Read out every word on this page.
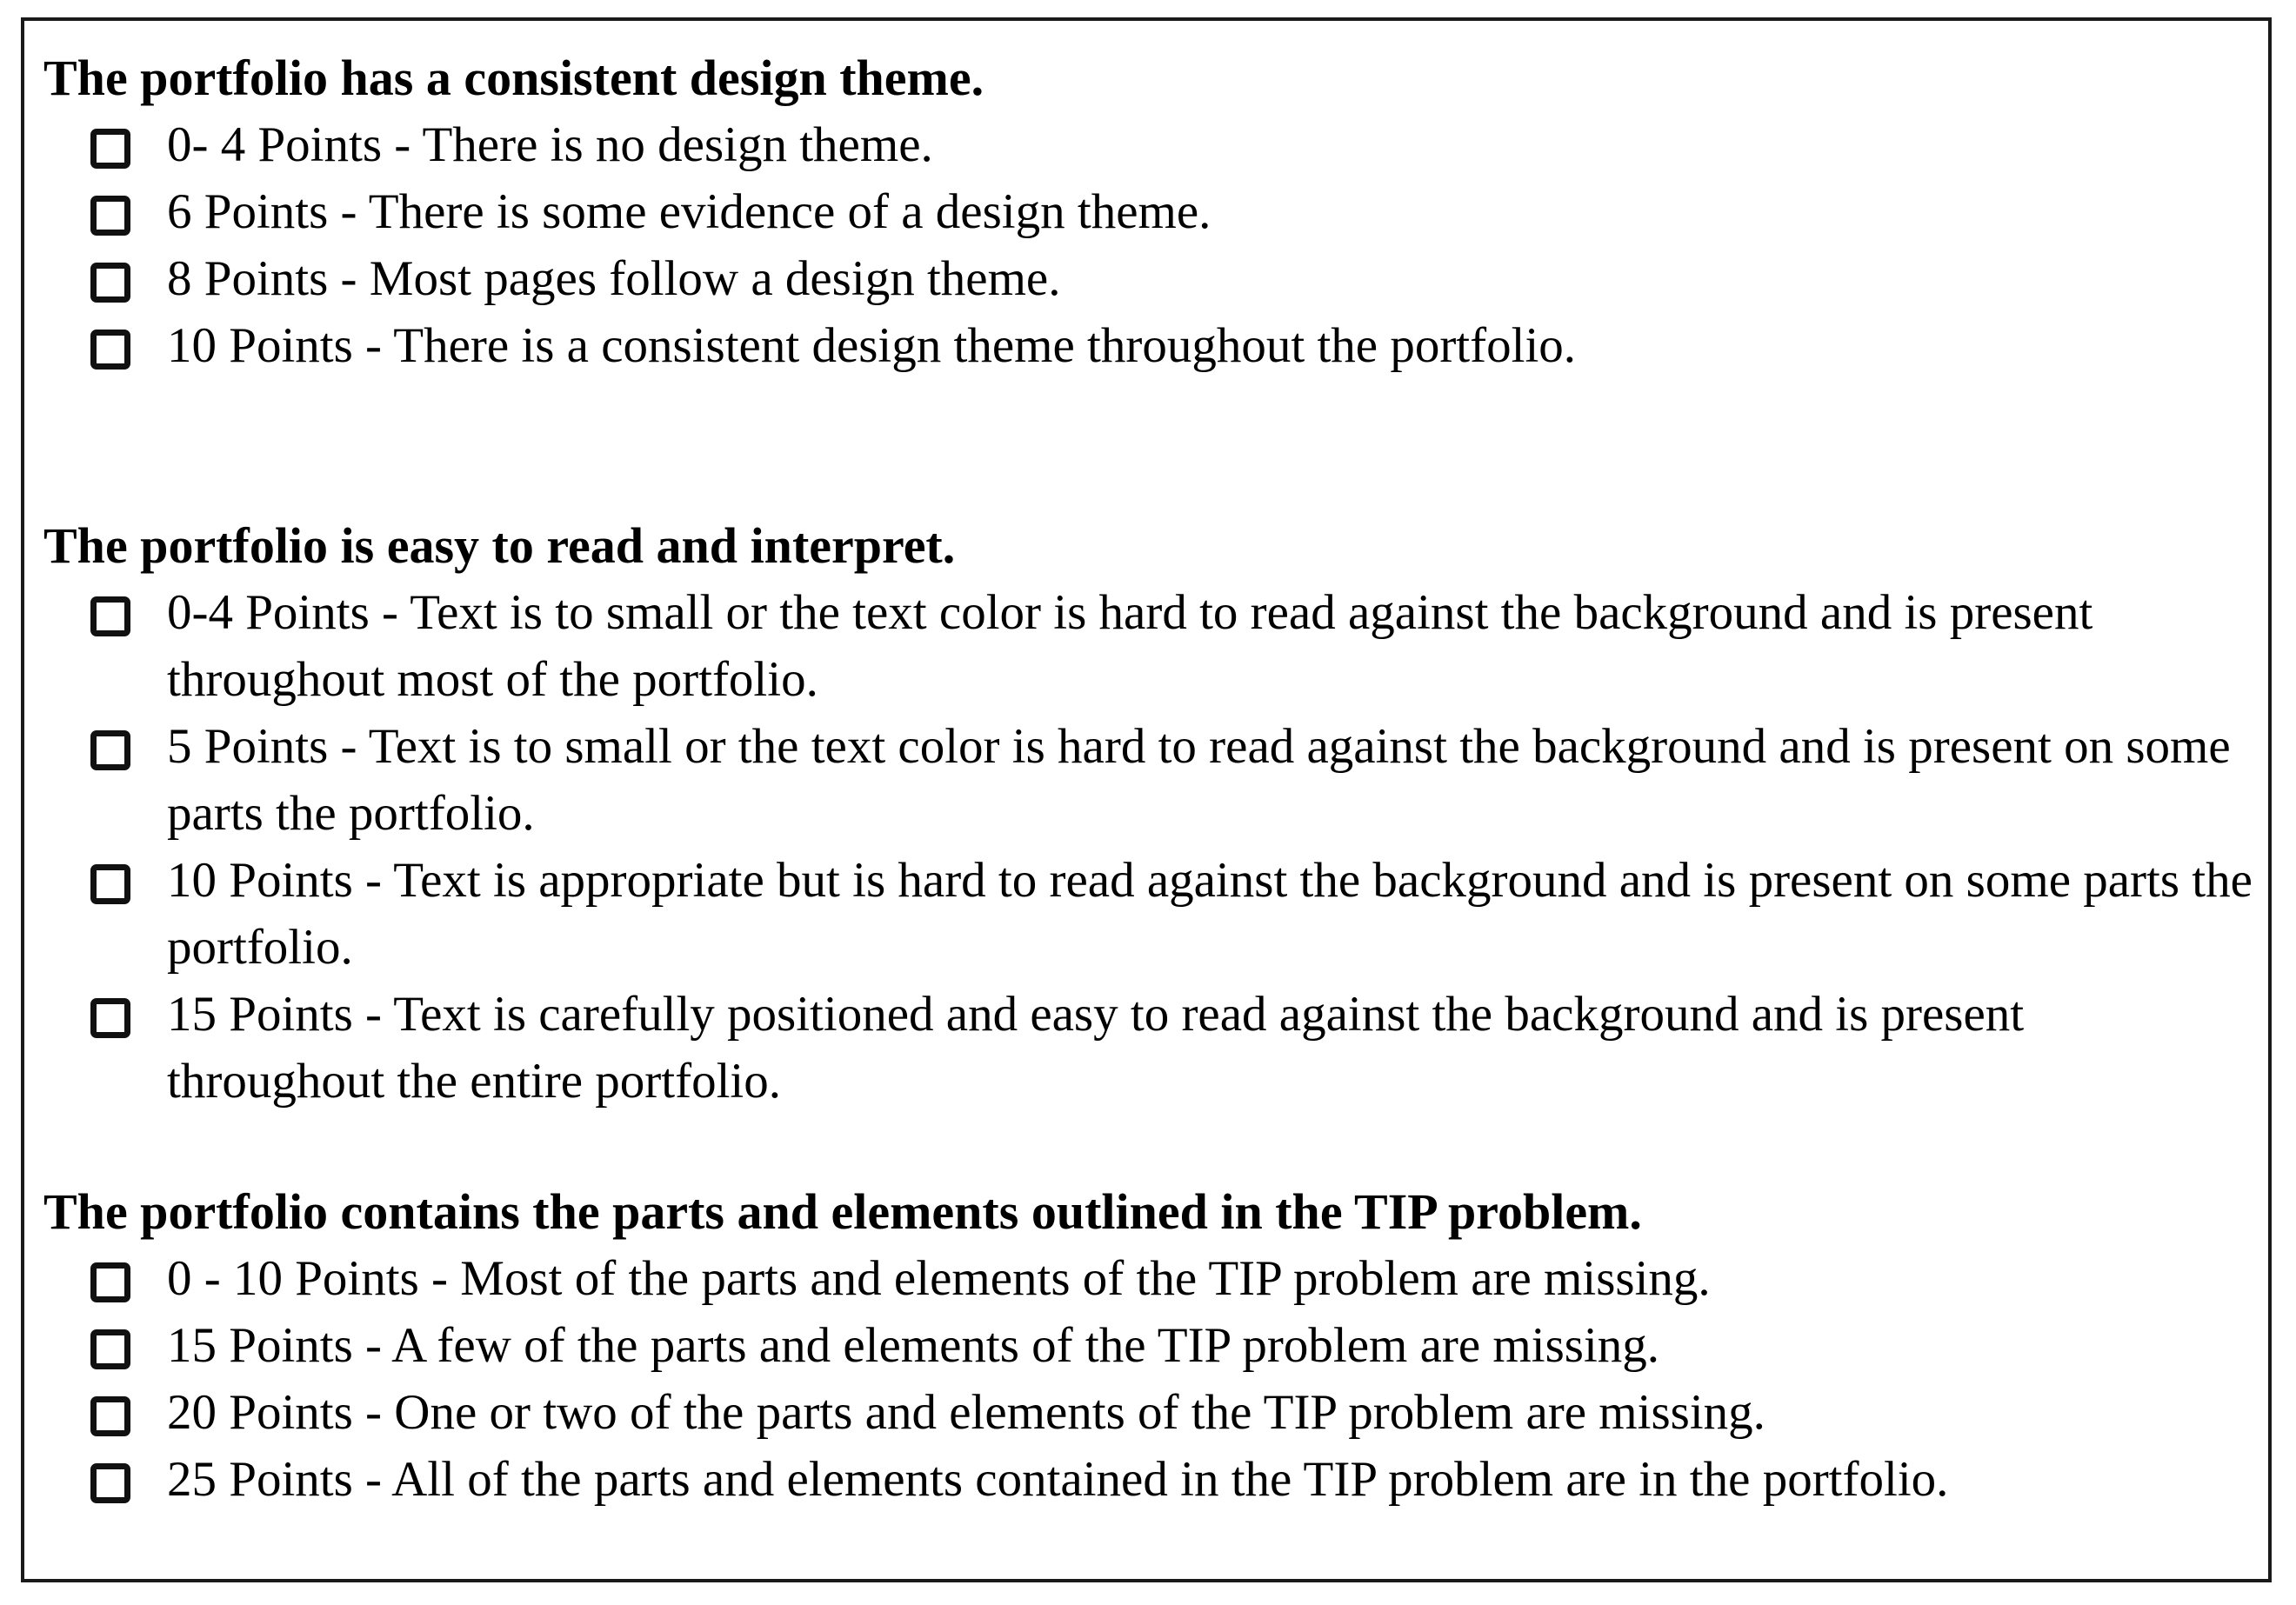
The portfolio has a consistent design theme.
0- 4 Points - There is no design theme.
6 Points - There is some evidence of a design theme.
8 Points - Most pages follow a design theme.
10 Points - There is a consistent design theme throughout the portfolio.
The portfolio is easy to read and interpret.
0-4 Points - Text is to small or the text color is hard to read against the background and is present throughout most of the portfolio.
5 Points - Text is to small or the text color is hard to read against the background and is present on some parts the portfolio.
10 Points - Text is appropriate but is hard to read against the background and is present on some parts the portfolio.
15 Points - Text is carefully positioned and easy to read against the background and is present throughout the entire portfolio.
The portfolio contains the parts and elements outlined in the TIP problem.
0 - 10 Points - Most of the parts and elements of the TIP problem are missing.
15 Points - A few of the parts and elements of the TIP problem are missing.
20 Points - One or two of the parts and elements of the TIP problem are missing.
25 Points - All of the parts and elements contained in the TIP problem are in the portfolio.
